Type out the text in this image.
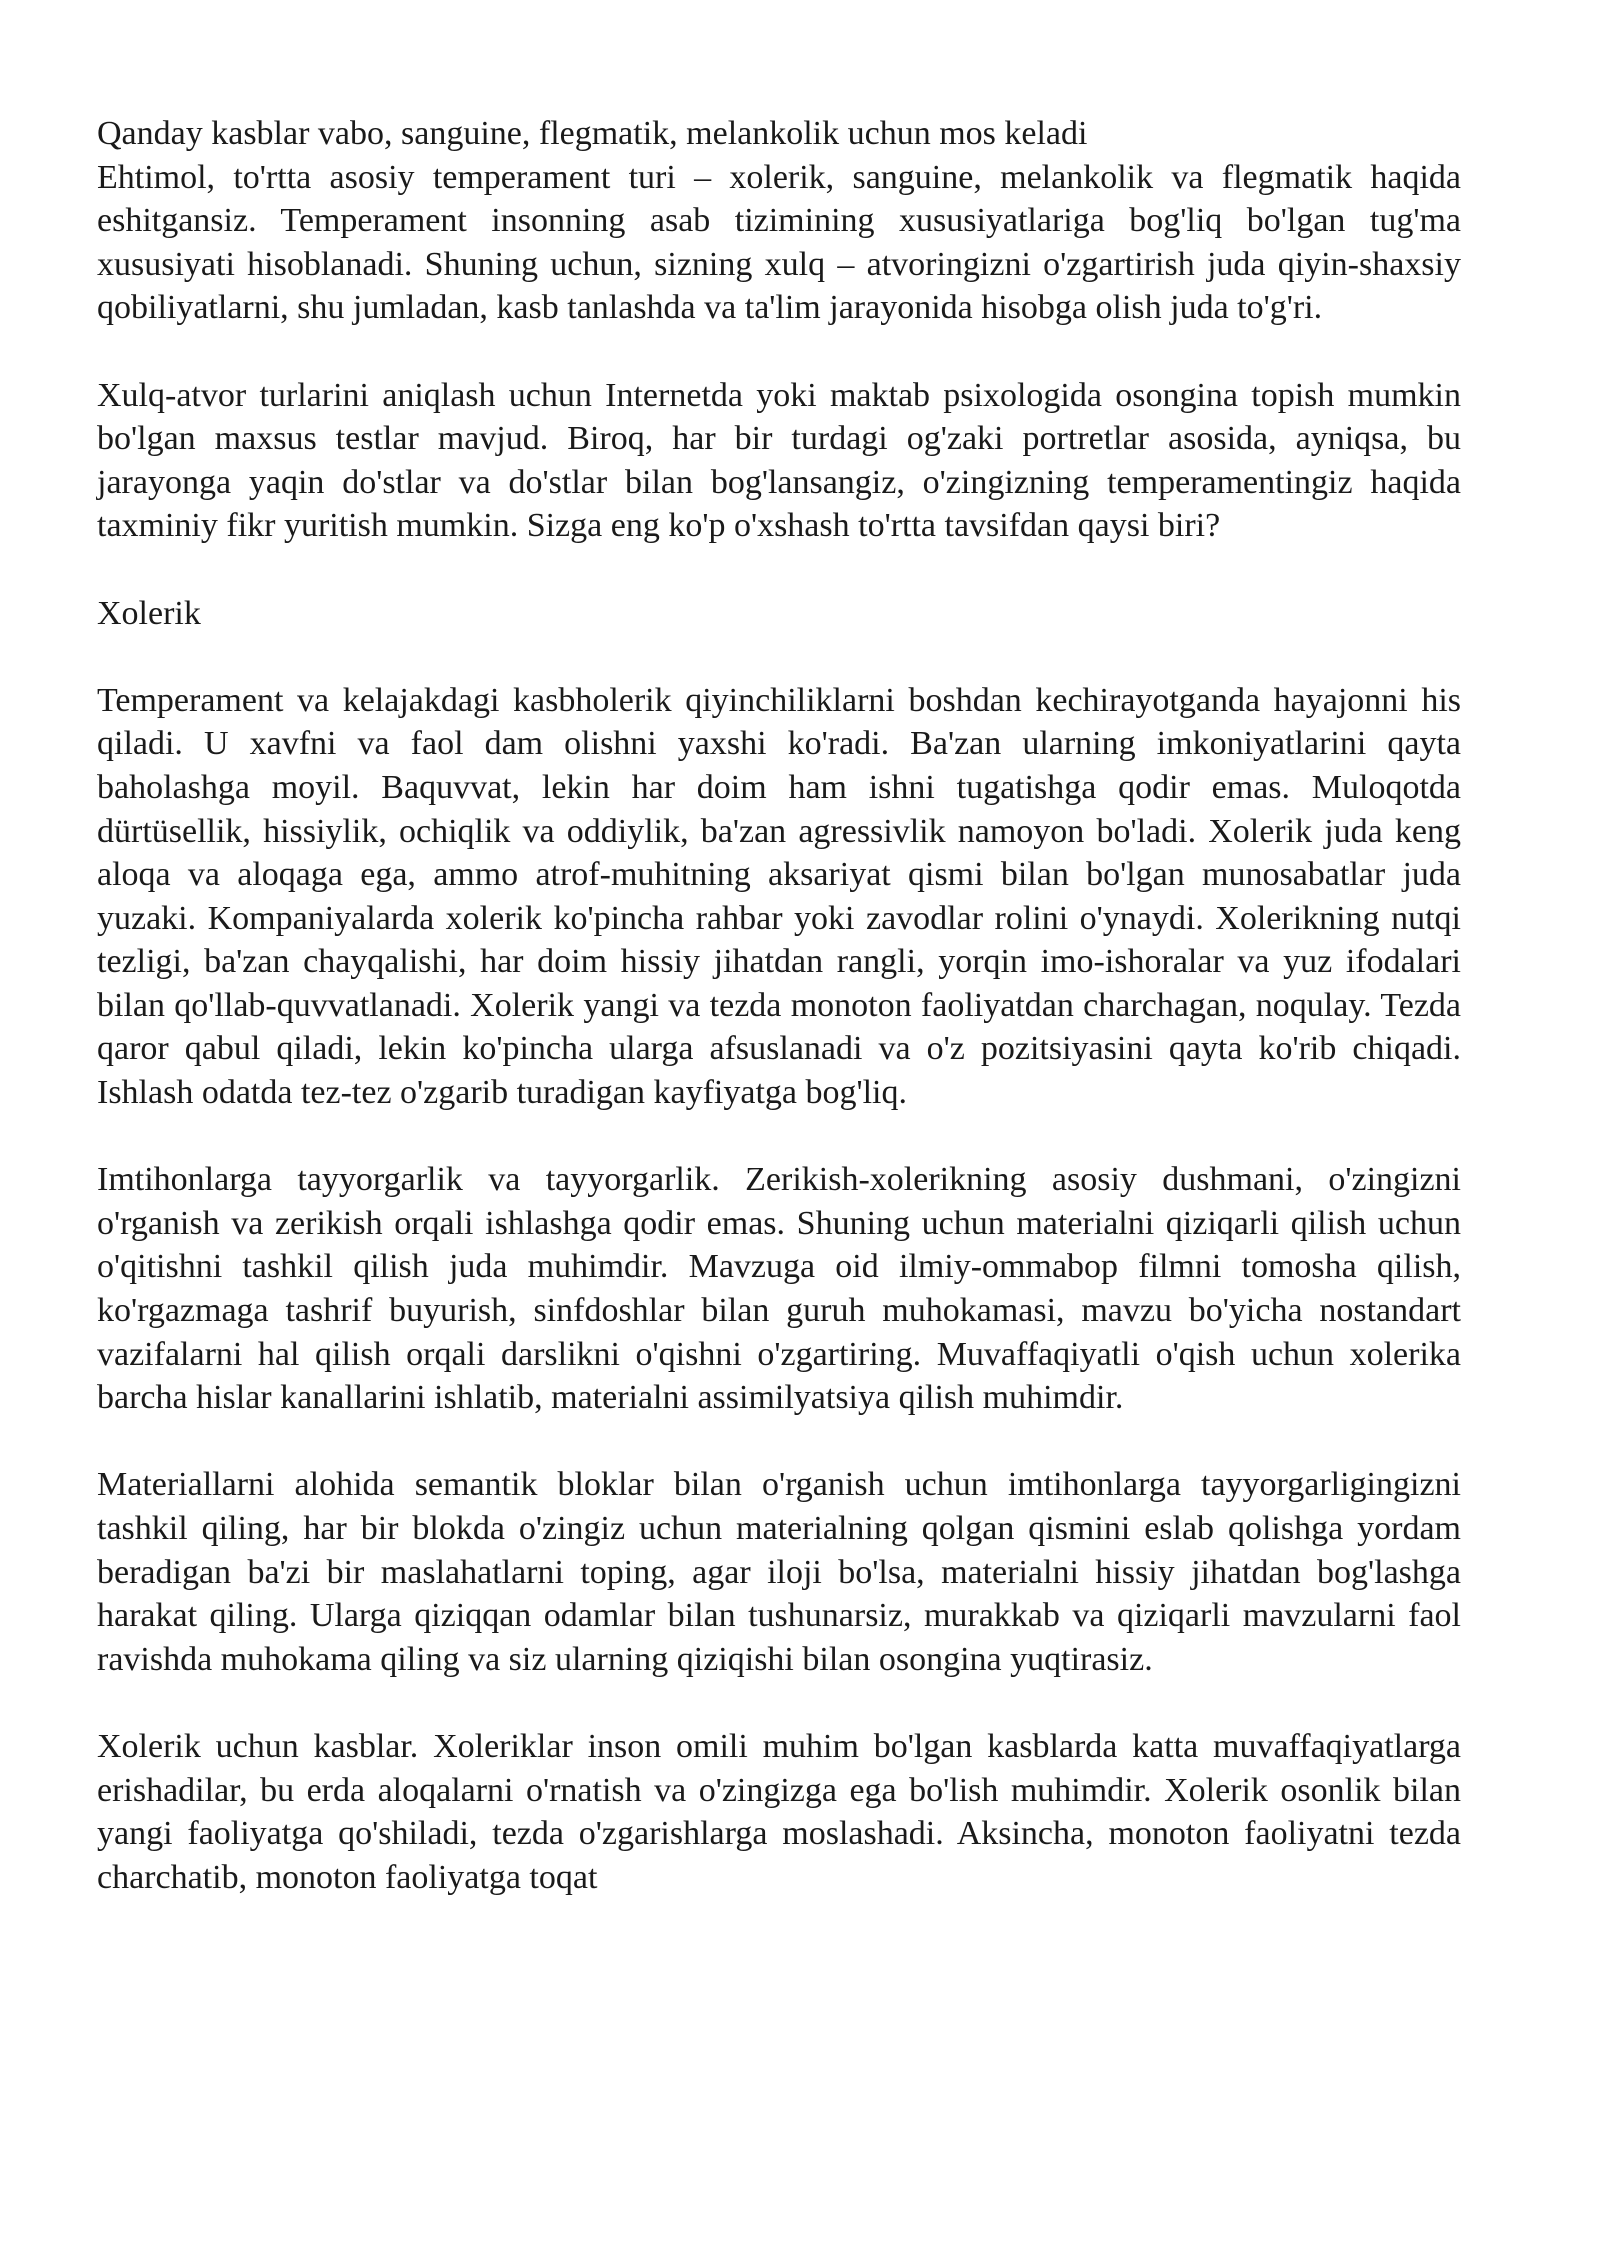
Qanday kasblar vabo, sanguine, flegmatik, melankolik uchun mos keladi

Ehtimol, to'rtta asosiy temperament turi – xolerik, sanguine, melankolik va flegmatik haqida eshitgansiz. Temperament insonning asab tizimining xususiyatlariga bog'liq bo'lgan tug'ma xususiyati hisoblanadi. Shuning uchun, sizning xulq – atvoringizni o'zgartirish juda qiyin-shaxsiy qobiliyatlarni, shu jumladan, kasb tanlashda va ta'lim jarayonida hisobga olish juda to'g'ri.

Xulq-atvor turlarini aniqlash uchun Internetda yoki maktab psixologida osongina topish mumkin bo'lgan maxsus testlar mavjud. Biroq, har bir turdagi og'zaki portretlar asosida, ayniqsa, bu jarayonga yaqin do'stlar va do'stlar bilan bog'lansangiz, o'zingizning temperamentingiz haqida taxminiy fikr yuritish mumkin. Sizga eng ko'p o'xshash to'rtta tavsifdan qaysi biri?

Xolerik

Temperament va kelajakdagi kasbholerik qiyinchiliklarni boshdan kechirayotganda hayajonni his qiladi. U xavfni va faol dam olishni yaxshi ko'radi. Ba'zan ularning imkoniyatlarini qayta baholashga moyil. Baquvvat, lekin har doim ham ishni tugatishga qodir emas. Muloqotda dürtüsellik, hissiylik, ochiqlik va oddiylik, ba'zan agressivlik namoyon bo'ladi. Xolerik juda keng aloqa va aloqaga ega, ammo atrof-muhitning aksariyat qismi bilan bo'lgan munosabatlar juda yuzaki. Kompaniyalarda xolerik ko'pincha rahbar yoki zavodlar rolini o'ynaydi. Xolerikning nutqi tezligi, ba'zan chayqalishi, har doim hissiy jihatdan rangli, yorqin imo-ishoralar va yuz ifodalari bilan qo'llab-quvvatlanadi. Xolerik yangi va tezda monoton faoliyatdan charchagan, noqulay. Tezda qaror qabul qiladi, lekin ko'pincha ularga afsuslanadi va o'z pozitsiyasini qayta ko'rib chiqadi. Ishlash odatda tez-tez o'zgarib turadigan kayfiyatga bog'liq.

Imtihonlarga tayyorgarlik va tayyorgarlik. Zerikish-xolerikning asosiy dushmani, o'zingizni o'rganish va zerikish orqali ishlashga qodir emas. Shuning uchun materialni qiziqarli qilish uchun o'qitishni tashkil qilish juda muhimdir. Mavzuga oid ilmiy-ommabop filmni tomosha qilish, ko'rgazmaga tashrif buyurish, sinfdoshlar bilan guruh muhokamasi, mavzu bo'yicha nostandart vazifalarni hal qilish orqali darslikni o'qishni o'zgartiring. Muvaffaqiyatli o'qish uchun xolerika barcha hislar kanallarini ishlatib, materialni assimilyatsiya qilish muhimdir.

Materiallarni alohida semantik bloklar bilan o'rganish uchun imtihonlarga tayyorgarligingizni tashkil qiling, har bir blokda o'zingiz uchun materialning qolgan qismini eslab qolishga yordam beradigan ba'zi bir maslahatlarni toping, agar iloji bo'lsa, materialni hissiy jihatdan bog'lashga harakat qiling. Ularga qiziqqan odamlar bilan tushunarsiz, murakkab va qiziqarli mavzularni faol ravishda muhokama qiling va siz ularning qiziqishi bilan osongina yuqtirasiz.

Xolerik uchun kasblar. Xoleriklar inson omili muhim bo'lgan kasblarda katta muvaffaqiyatlarga erishadilar, bu erda aloqalarni o'rnatish va o'zingizga ega bo'lish muhimdir. Xolerik osonlik bilan yangi faoliyatga qo'shiladi, tezda o'zgarishlarga moslashadi. Aksincha, monoton faoliyatni tezda charchatib, monoton faoliyatga toqat
